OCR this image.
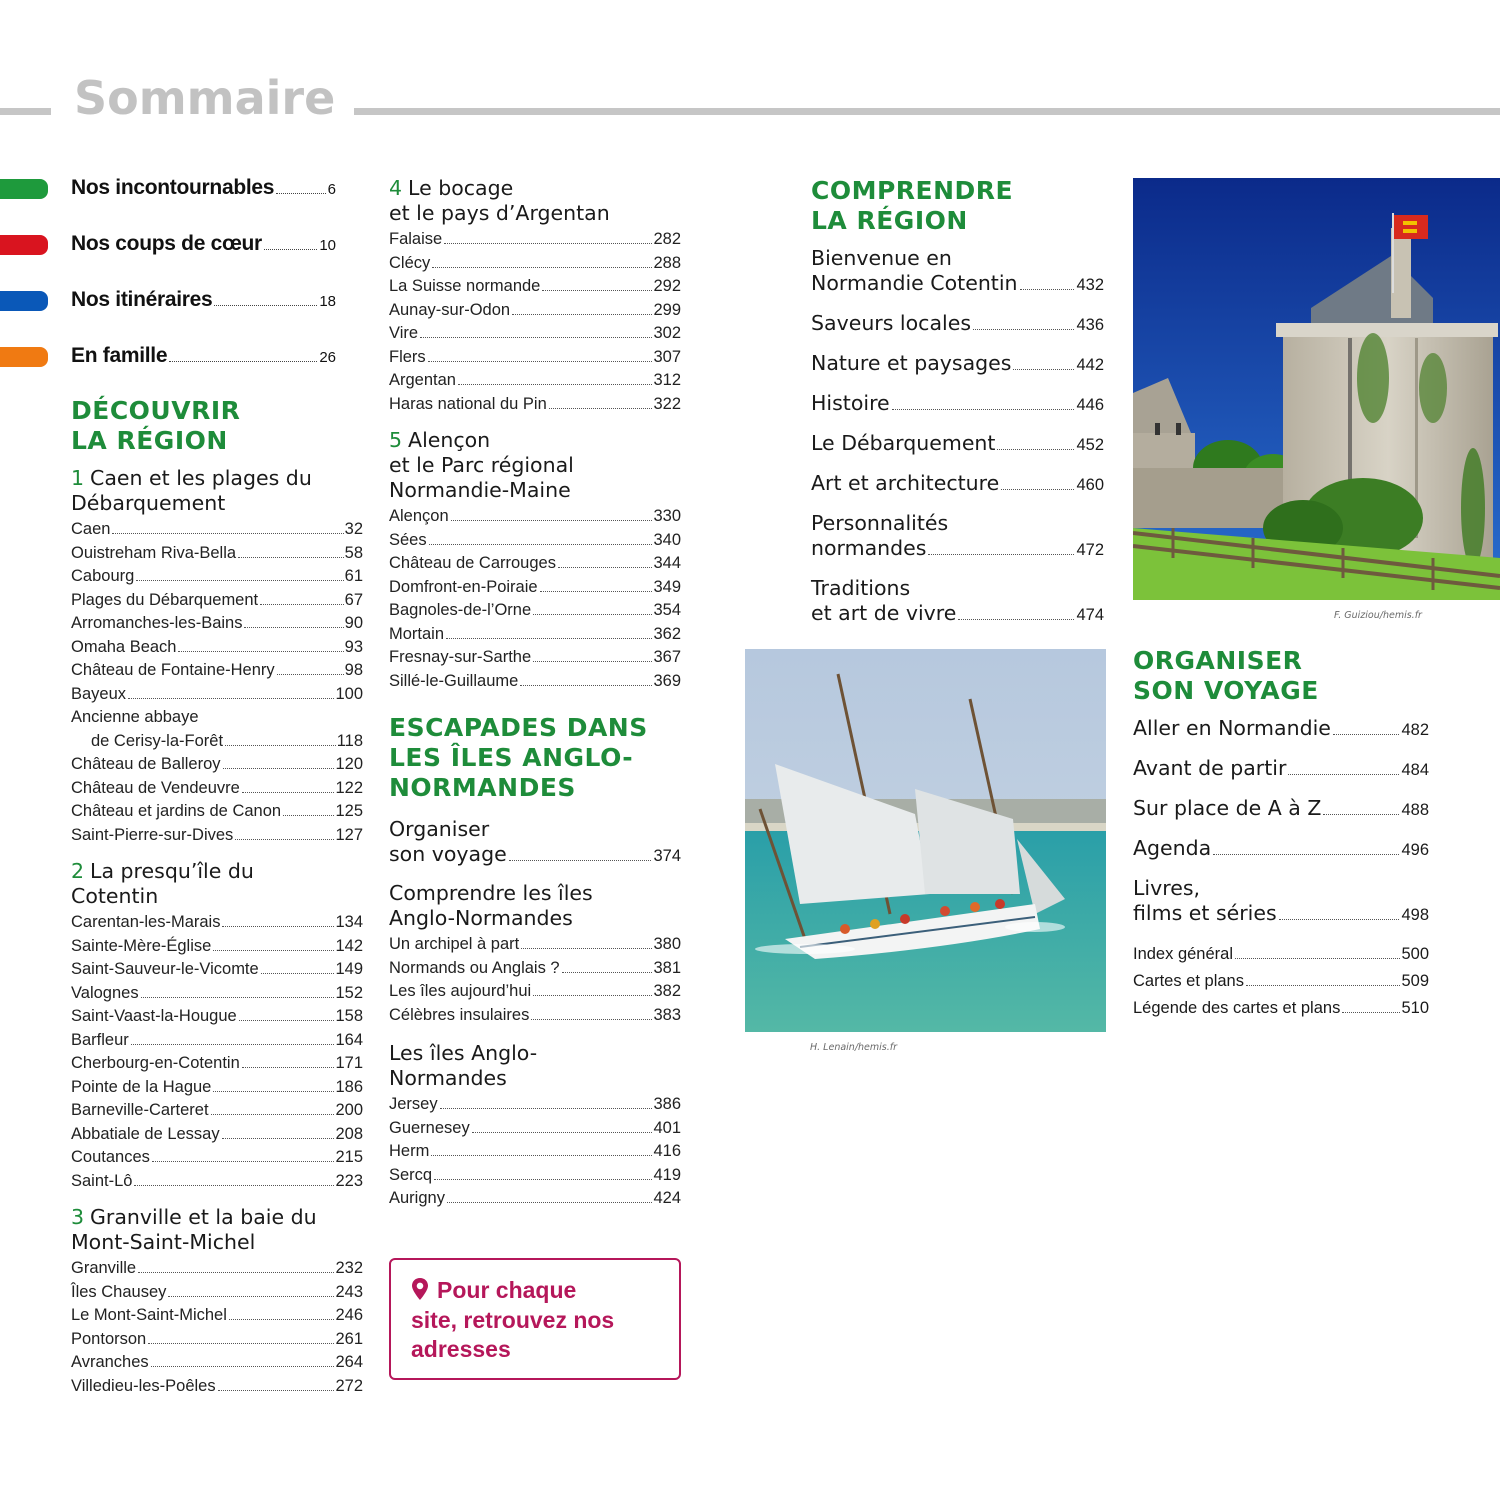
Sommaire
Nos incontournables	6
Nos coups de cœur	10
Nos itinéraires	18
En famille	26
DÉCOUVRIR LA RÉGION
1 Caen et les plages du Débarquement
Caen	32
Ouistreham Riva-Bella	58
Cabourg	61
Plages du Débarquement	67
Arromanches-les-Bains	90
Omaha Beach	93
Château de Fontaine-Henry	98
Bayeux	100
Ancienne abbaye
de Cerisy-la-Forêt	118
Château de Balleroy	120
Château de Vendeuvre	122
Château et jardins de Canon	125
Saint-Pierre-sur-Dives	127
2 La presqu’île du Cotentin
Carentan-les-Marais	134
Sainte-Mère-Église	142
Saint-Sauveur-le-Vicomte	149
Valognes	152
Saint-Vaast-la-Hougue	158
Barfleur	164
Cherbourg-en-Cotentin	171
Pointe de la Hague	186
Barneville-Carteret	200
Abbatiale de Lessay	208
Coutances	215
Saint-Lô	223
3 Granville et la baie du Mont-Saint-Michel
Granville	232
Îles Chausey	243
Le Mont-Saint-Michel	246
Pontorson	261
Avranches	264
Villedieu-les-Poêles	272
4 Le bocage
et le pays d’Argentan
Falaise	282
Clécy	288
La Suisse normande	292
Aunay-sur-Odon	299
Vire	302
Flers	307
Argentan	312
Haras national du Pin	322
5 Alençon
et le Parc régional
Normandie-Maine
Alençon	330
Sées	340
Château de Carrouges	344
Domfront-en-Poiraie	349
Bagnoles-de-l’Orne	354
Mortain	362
Fresnay-sur-Sarthe	367
Sillé-le-Guillaume	369
ESCAPADES DANS
LES ÎLES ANGLO-
NORMANDES
Organiser
son voyage	374
Comprendre les îles
Anglo-Normandes
Un archipel à part	380
Normands ou Anglais ?	381
Les îles aujourd’hui	382
Célèbres insulaires	383
Les îles Anglo-
Normandes
Jersey	386
Guernesey	401
Herm	416
Sercq	419
Aurigny	424
Pour chaque
site, retrouvez nos
adresses
COMPRENDRE
LA RÉGION
Bienvenue en
Normandie Cotentin	432
Saveurs locales	436
Nature et paysages	442
Histoire	446
Le Débarquement	452
Art et architecture	460
Personnalités
normandes	472
Traditions
et art de vivre	474
ORGANISER
SON VOYAGE
Aller en Normandie	482
Avant de partir	484
Sur place de A à Z	488
Agenda	496
Livres,
films et séries	498
Index général	500
Cartes et plans	509
Légende des cartes et plans	510
F. Guiziou/hemis.fr
H. Lenain/hemis.fr
